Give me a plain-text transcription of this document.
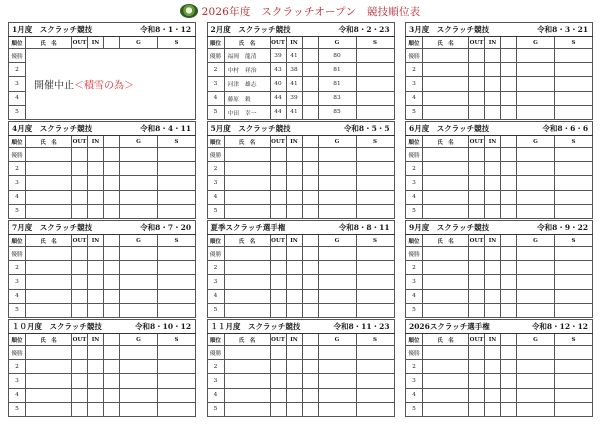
2026年度　スクラッチオープン　競技順位表
1月度　スクラッチ競技 令和8・1・12						

順位	氏　名	OUT	IN		G	S
優勝	開催中止＜積雪の為＞					

2						
3						
4						
5						
2月度　スクラッチ競技 令和8・2・23						

順位	氏　名	OUT	IN		G	S
優勝	福岡　龍清	39	41		80	
2	中村　祥治	43	38		81	
3	河津　雄志	40	41		81	
4	藤原　穀	44	39		83	
5	中田　幸一	44	41		85	
3月度　スクラッチ競技 令和8・3・21						

順位	氏　名	OUT	IN		G	S
優勝						
2						
3						
4						
5						
4月度　スクラッチ競技 令和8・4・11						

順位	氏　名	OUT	IN		G	S
優勝						
2						
3						
4						
5						
5月度　スクラッチ競技 令和8・5・5						

順位	氏　名	OUT	IN		G	S
優勝						
2						
3						
4						
5						
6月度　スクラッチ競技 令和8・6・6						

順位	氏　名	OUT	IN		G	S
優勝						
2						
3						
4						
5						
7月度　スクラッチ競技 令和8・7・20						

順位	氏　名	OUT	IN		G	S
優勝						
2						
3						
4						
5						
夏季スクラッチ選手権 令和8・8・11						

順位	氏　名	OUT	IN		G	S
優勝						
2						
3						
4						
5						
9月度　スクラッチ競技 令和8・9・22						

順位	氏　名	OUT	IN		G	S
優勝						
2						
3						
4						
5						
１０月度　スクラッチ競技 令和8・10・12						

順位	氏　名	OUT	IN		G	S
優勝						
2						
3						
4						
5						
１１月度　スクラッチ競技 令和8・11・23						

順位	氏　名	OUT	IN		G	S
優勝						
2						
3						
4						
5						
2026スクラッチ選手権 令和8・12・12						

順位	氏　名	OUT	IN		G	S
優勝						
2						
3						
4						
5						
